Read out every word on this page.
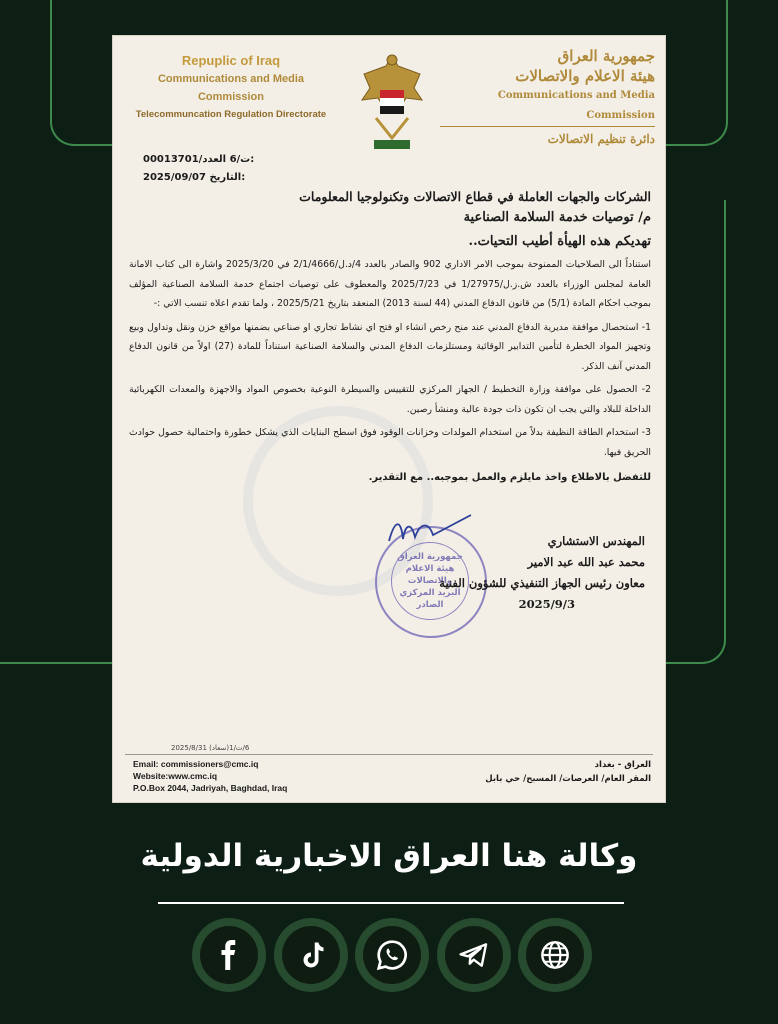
Repuplic of Iraq
Communications and Media
Commission
Telecommuncation Regulation Directorate
جمهورية العراق
هيئة الاعلام والاتصالات
Communications and Media Commission
دائرة تنظيم الاتصالات
00013701/ت/6 العدد:
2025/09/07 التاريخ:
الشركات والجهات العاملة في قطاع الاتصالات وتكنولوجيا المعلومات
م/ توصيات خدمة السلامة الصناعية
تهديكم هذه الهيأة أطيب التحيات..
استناداً الى الصلاحيات الممنوحة بموجب الامر الاداري 902 والصادر بالعدد 4/د.ل/2/1/4666 في 2025/3/20 واشارة الى كتاب الامانة العامة لمجلس الوزراء بالعدد ش.ز.ل/1/27975 في 2025/7/23 والمعطوف على توصيات اجتماع خدمة السلامة الصناعية المؤلف بموجب احكام المادة (5/1) من قانون الدفاع المدني (44 لسنة 2013) المنعقد بتاريخ 2025/5/21 ، ولما تقدم اعلاه تنسب الاتي :-
1- استحصال موافقة مديرية الدفاع المدني عند منح رخص انشاء او فتح اي نشاط تجاري او صناعي بضمنها مواقع خزن ونقل وتداول وبيع وتجهيز المواد الخطرة لتأمين التدابير الوقائية ومستلزمات الدفاع المدني والسلامة الصناعية استناداً للمادة (27) اولاً من قانون الدفاع المدني آنف الذكر.
2- الحصول على موافقة وزارة التخطيط / الجهاز المركزي للتقييس والسيطرة النوعية بخصوص المواد والاجهزة والمعدات الكهربائية الداخلة للبلاد والتي يجب ان تكون ذات جودة عالية ومنشأ رصين.
3- استخدام الطاقة النظيفة بدلاً من استخدام المولدات وخزانات الوقود فوق اسطح البنايات الذي يشكل خطورة واحتمالية حصول حوادث الحريق فيها.
للتفضل بالاطلاع واخذ مايلزم والعمل بموجبه.. مع التقدير.
جمهورية العراق
هيئة الاعلام والاتصالات
البريد المركزي
الصادر
المهندس الاستشاري
محمد عبد الله عبد الامير
معاون رئيس الجهاز التنفيذي للشؤون الفنية
2025/9/3
6/ت/1(سعاد) 2025/8/31
Email: commissioners@cmc.iq
Website:www.cmc.iq
P.O.Box 2044, Jadriyah, Baghdad, Iraq
العراق - بغداد
المقر العام/ العرصات/ المسبح/ حي بابل
وكالة هنا العراق الاخبارية الدولية
